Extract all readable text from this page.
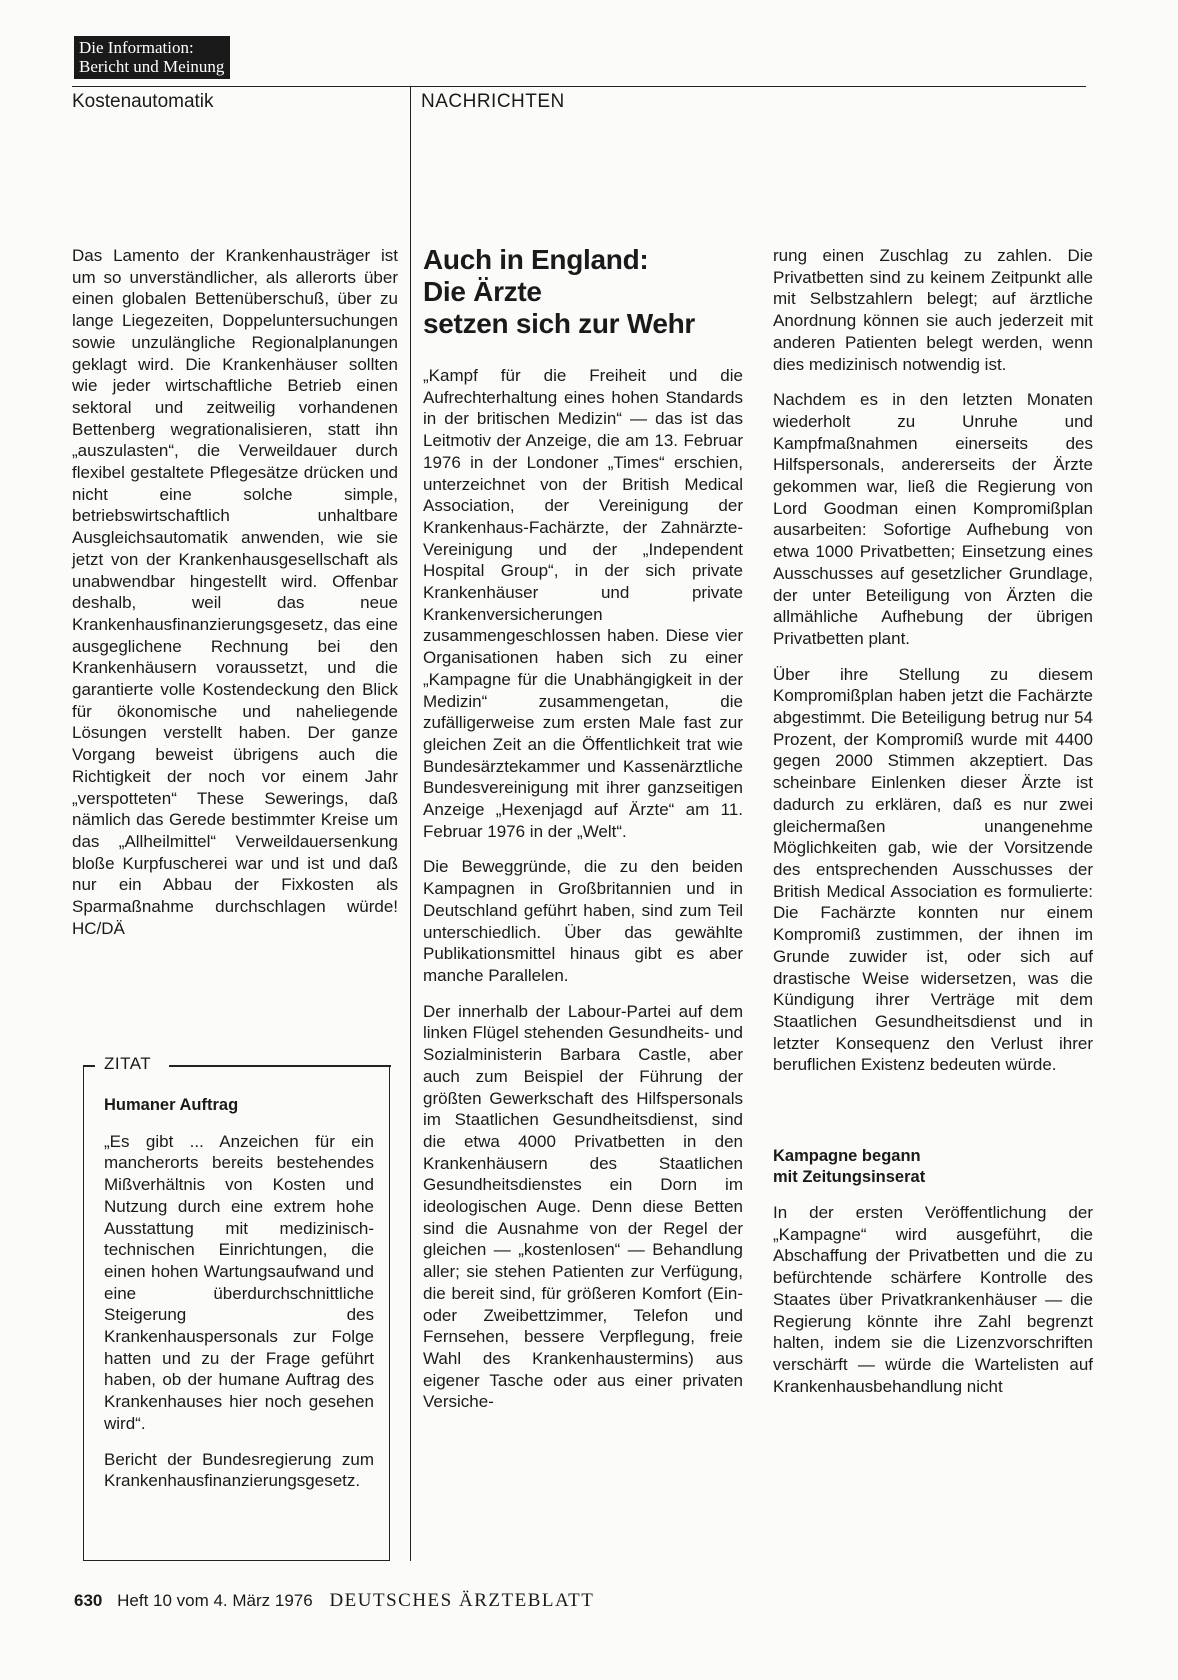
Die Information:
Bericht und Meinung
Kostenautomatik	NACHRICHTEN

Das Lamento der Krankenhausträger ist um so unverständlicher, als allerorts über einen globalen Bettenüberschuß, über zu lange Liegezeiten, Doppeluntersuchungen sowie unzulängliche Regionalplanungen geklagt wird. Die Krankenhäuser sollten wie jeder wirtschaftliche Betrieb einen sektoral und zeitweilig vorhandenen Bettenberg wegrationalisieren, statt ihn „auszulasten“, die Verweildauer durch flexibel gestaltete Pflegesätze drücken und nicht eine solche simple, betriebswirtschaftlich unhaltbare Ausgleichsautomatik anwenden, wie sie jetzt von der Krankenhausgesellschaft als unabwendbar hingestellt wird. Offenbar deshalb, weil das neue Krankenhausfinanzierungsgesetz, das eine ausgeglichene Rechnung bei den Krankenhäusern voraussetzt, und die garantierte volle Kostendeckung den Blick für ökonomische und naheliegende Lösungen verstellt haben. Der ganze Vorgang beweist übrigens auch die Richtigkeit der noch vor einem Jahr „verspotteten“ These Sewerings, daß nämlich das Gerede bestimmter Kreise um das „Allheilmittel“ Verweildauersenkung bloße Kurpfuscherei war und ist und daß nur ein Abbau der Fixkosten als Sparmaßnahme durchschlagen würde! HC/DÄ

ZITAT
Humaner Auftrag

„Es gibt ... Anzeichen für ein mancherorts bereits bestehendes Mißverhältnis von Kosten und Nutzung durch eine extrem hohe Ausstattung mit medizinisch-technischen Einrichtungen, die einen hohen Wartungsaufwand und eine überdurchschnittliche Steigerung des Krankenhauspersonals zur Folge hatten und zu der Frage geführt haben, ob der humane Auftrag des Krankenhauses hier noch gesehen wird“.

Bericht der Bundesregierung zum Krankenhausfinanzierungsgesetz.

Auch in England:
Die Ärzte
setzen sich zur Wehr

„Kampf für die Freiheit und die Aufrechterhaltung eines hohen Standards in der britischen Medizin“ — das ist das Leitmotiv der Anzeige, die am 13. Februar 1976 in der Londoner „Times“ erschien, unterzeichnet von der British Medical Association, der Vereinigung der Krankenhaus-Fachärzte, der Zahnärzte-Vereinigung und der „Independent Hospital Group“, in der sich private Krankenhäuser und private Krankenversicherungen zusammengeschlossen haben. Diese vier Organisationen haben sich zu einer „Kampagne für die Unabhängigkeit in der Medizin“ zusammengetan, die zufälligerweise zum ersten Male fast zur gleichen Zeit an die Öffentlichkeit trat wie Bundesärztekammer und Kassenärztliche Bundesvereinigung mit ihrer ganzseitigen Anzeige „Hexenjagd auf Ärzte“ am 11. Februar 1976 in der „Welt“.

Die Beweggründe, die zu den beiden Kampagnen in Großbritannien und in Deutschland geführt haben, sind zum Teil unterschiedlich. Über das gewählte Publikationsmittel hinaus gibt es aber manche Parallelen.

Der innerhalb der Labour-Partei auf dem linken Flügel stehenden Gesundheits- und Sozialministerin Barbara Castle, aber auch zum Beispiel der Führung der größten Gewerkschaft des Hilfspersonals im Staatlichen Gesundheitsdienst, sind die etwa 4000 Privatbetten in den Krankenhäusern des Staatlichen Gesundheitsdienstes ein Dorn im ideologischen Auge. Denn diese Betten sind die Ausnahme von der Regel der gleichen — „kostenlosen“ — Behandlung aller; sie stehen Patienten zur Verfügung, die bereit sind, für größeren Komfort (Ein- oder Zweibettzimmer, Telefon und Fernsehen, bessere Verpflegung, freie Wahl des Krankenhaustermins) aus eigener Tasche oder aus einer privaten Versiche-

rung einen Zuschlag zu zahlen. Die Privatbetten sind zu keinem Zeitpunkt alle mit Selbstzahlern belegt; auf ärztliche Anordnung können sie auch jederzeit mit anderen Patienten belegt werden, wenn dies medizinisch notwendig ist.

Nachdem es in den letzten Monaten wiederholt zu Unruhe und Kampfmaßnahmen einerseits des Hilfspersonals, andererseits der Ärzte gekommen war, ließ die Regierung von Lord Goodman einen Kompromißplan ausarbeiten: Sofortige Aufhebung von etwa 1000 Privatbetten; Einsetzung eines Ausschusses auf gesetzlicher Grundlage, der unter Beteiligung von Ärzten die allmähliche Aufhebung der übrigen Privatbetten plant.

Über ihre Stellung zu diesem Kompromißplan haben jetzt die Fachärzte abgestimmt. Die Beteiligung betrug nur 54 Prozent, der Kompromiß wurde mit 4400 gegen 2000 Stimmen akzeptiert. Das scheinbare Einlenken dieser Ärzte ist dadurch zu erklären, daß es nur zwei gleichermaßen unangenehme Möglichkeiten gab, wie der Vorsitzende des entsprechenden Ausschusses der British Medical Association es formulierte: Die Fachärzte konnten nur einem Kompromiß zustimmen, der ihnen im Grunde zuwider ist, oder sich auf drastische Weise widersetzen, was die Kündigung ihrer Verträge mit dem Staatlichen Gesundheitsdienst und in letzter Konsequenz den Verlust ihrer beruflichen Existenz bedeuten würde.

Kampagne begann
mit Zeitungsinserat

In der ersten Veröffentlichung der „Kampagne“ wird ausgeführt, die Abschaffung der Privatbetten und die zu befürchtende schärfere Kontrolle des Staates über Privatkrankenhäuser — die Regierung könnte ihre Zahl begrenzt halten, indem sie die Lizenzvorschriften verschärft — würde die Wartelisten auf Krankenhausbehandlung nicht

630 Heft 10 vom 4. März 1976 DEUTSCHES ÄRZTEBLATT
